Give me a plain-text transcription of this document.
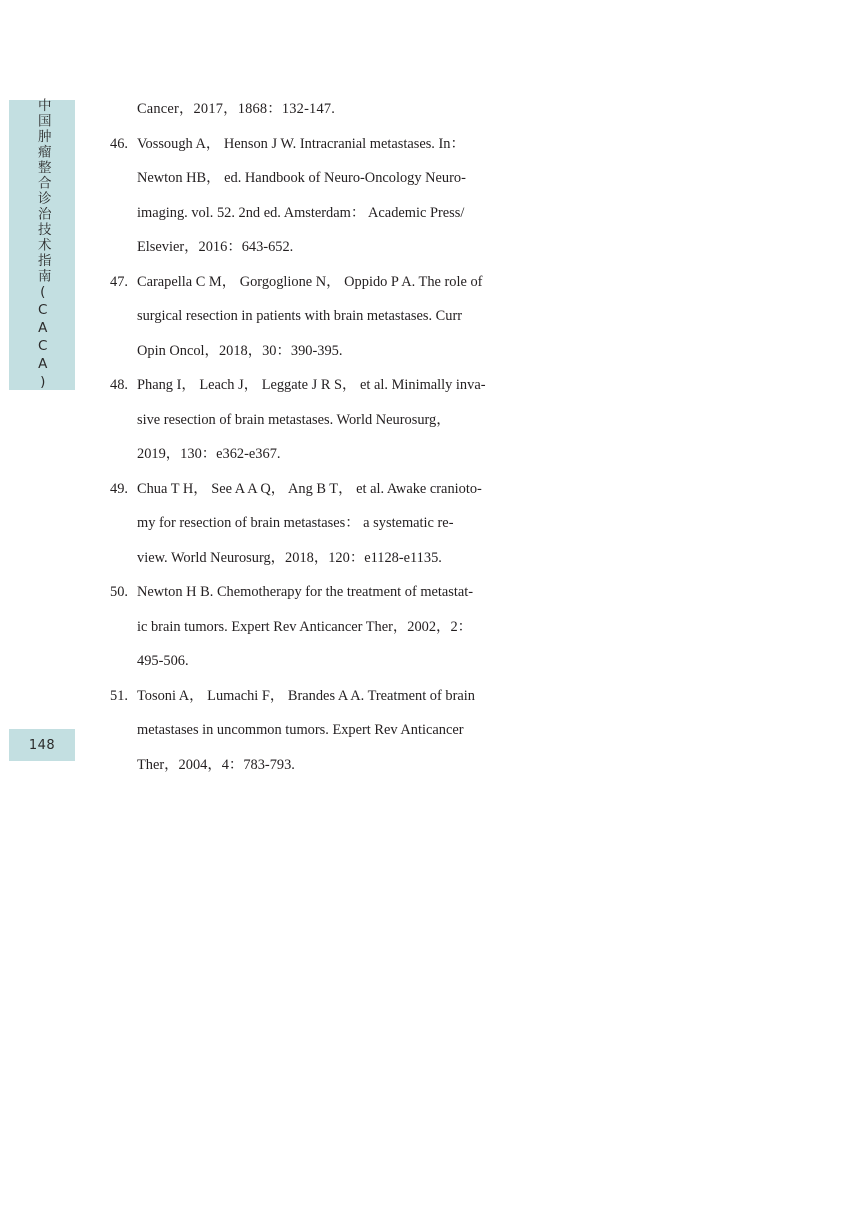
中国肿瘤整合诊治技术指南(CACA)
148
Cancer，2017，1868：132-147.
46. Vossough A， Henson J W. Intracranial metastases. In：
Newton HB， ed. Handbook of Neuro-Oncology Neuro-
imaging. vol. 52. 2nd ed. Amsterdam： Academic Press/
Elsevier，2016：643-652.
47. Carapella C M， Gorgoglione N， Oppido P A. The role of
surgical resection in patients with brain metastases. Curr
Opin Oncol，2018，30：390-395.
48. Phang I， Leach J， Leggate J R S， et al. Minimally inva-
sive resection of brain metastases. World Neurosurg，
2019，130：e362-e367.
49. Chua T H， See A A Q， Ang B T， et al. Awake cranioto-
my for resection of brain metastases： a systematic re-
view. World Neurosurg，2018，120：e1128-e1135.
50. Newton H B. Chemotherapy for the treatment of metastat-
ic brain tumors. Expert Rev Anticancer Ther，2002，2：
495-506.
51. Tosoni A， Lumachi F， Brandes A A. Treatment of brain
metastases in uncommon tumors. Expert Rev Anticancer
Ther，2004，4：783-793.
